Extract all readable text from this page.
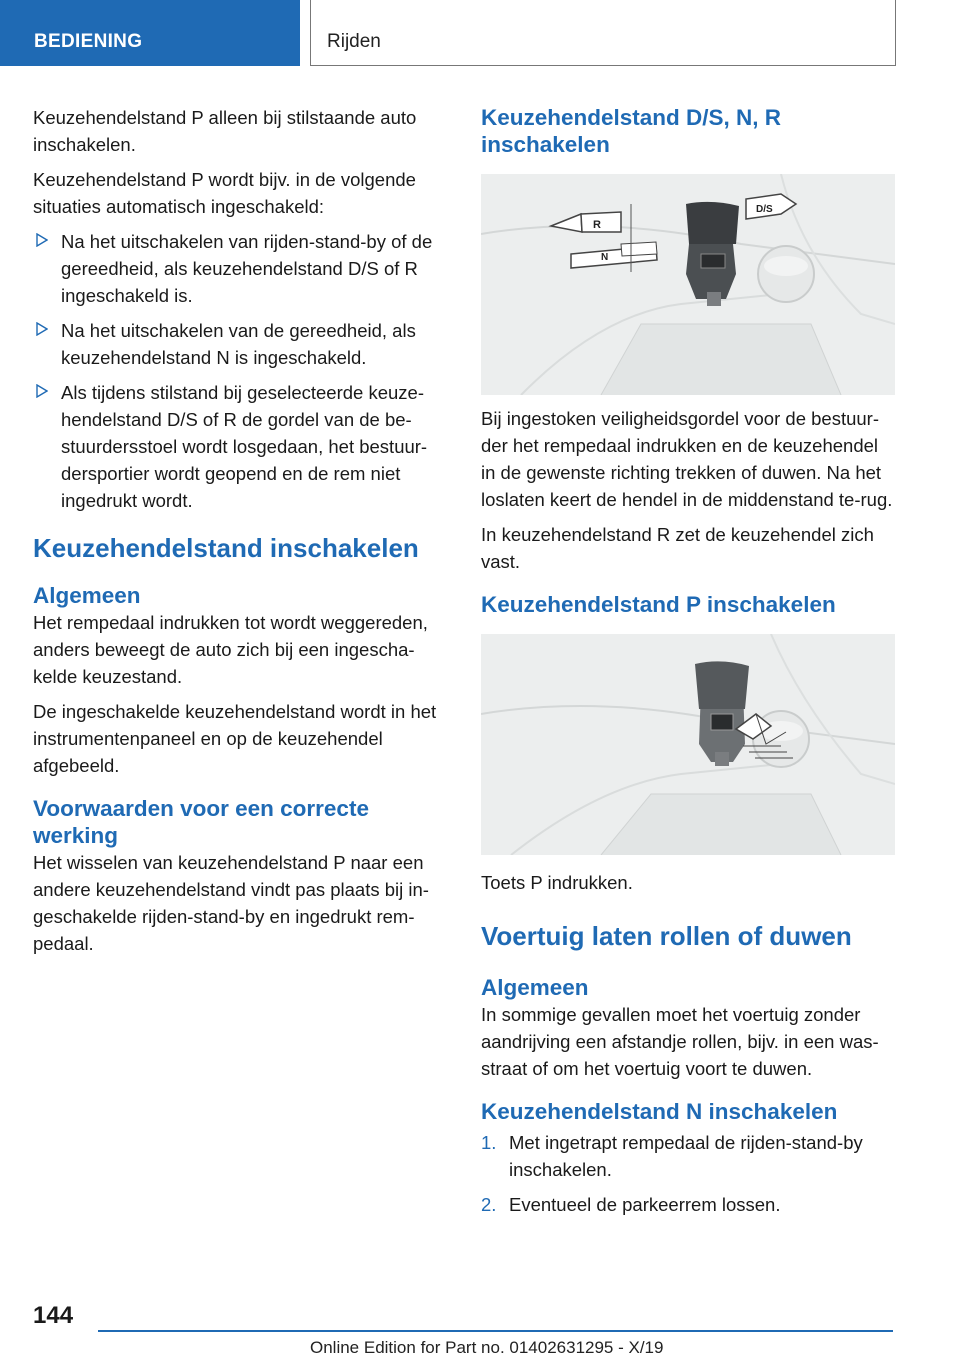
BEDIENING	Rijden

Keuzehendelstand P alleen bij stilstaande auto inschakelen.

Keuzehendelstand P wordt bijv. in de volgende situaties automatisch ingeschakeld:

Na het uitschakelen van rijden-stand-by of de gereedheid, als keuzehendelstand D/S of R ingeschakeld is.
Na het uitschakelen van de gereedheid, als keuzehendelstand N is ingeschakeld.
Als tijdens stilstand bij geselecteerde keuze-hendelstand D/S of R de gordel van de be-stuurdersstoel wordt losgedaan, het bestuur-dersportier wordt geopend en de rem niet ingedrukt wordt.
Keuzehendelstand inschakelen
Algemeen

Het rempedaal indrukken tot wordt weggereden, anders beweegt de auto zich bij een ingescha-kelde keuzestand.

De ingeschakelde keuzehendelstand wordt in het instrumentenpaneel en op de keuzehendel afgebeeld.

Voorwaarden voor een correcte werking

Het wisselen van keuzehendelstand P naar een andere keuzehendelstand vindt pas plaats bij in-geschakelde rijden-stand-by en ingedrukt rem-pedaal.

Keuzehendelstand D/S, N, R inschakelen
R
N
D/S

Bij ingestoken veiligheidsgordel voor de bestuur-der het rempedaal indrukken en de keuzehendel in de gewenste richting trekken of duwen. Na het loslaten keert de hendel in de middenstand te-rug.

In keuzehendelstand R zet de keuzehendel zich vast.

Keuzehendelstand P inschakelen

Toets P indrukken.

Voertuig laten rollen of duwen
Algemeen

In sommige gevallen moet het voertuig zonder aandrijving een afstandje rollen, bijv. in een was-straat of om het voertuig voort te duwen.

Keuzehendelstand N inschakelen
1. Met ingetrapt rempedaal de rijden-stand-by inschakelen.
2. Eventueel de parkeerrem lossen.
144
Online Edition for Part no. 01402631295 - X/19
